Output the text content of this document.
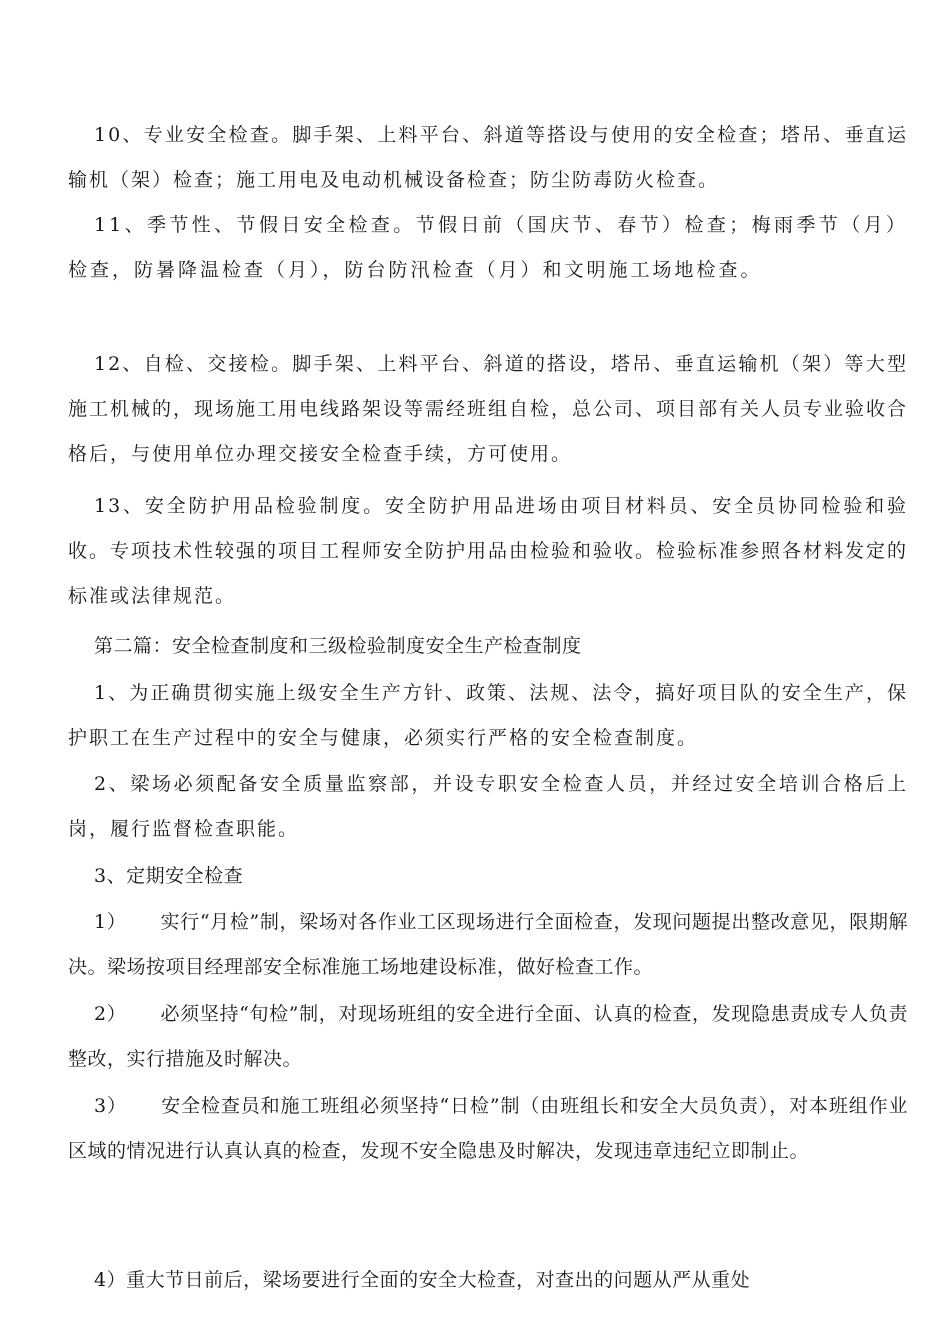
10、专业安全检查。脚手架、上料平台、斜道等搭设与使用的安全检查；塔吊、垂直运输机（架）检查；施工用电及电动机械设备检查；防尘防毒防火检查。

11、季节性、节假日安全检查。节假日前（国庆节、春节）检查；梅雨季节（月）检查，防暑降温检查（月），防台防汛检查（月）和文明施工场地检查。

12、自检、交接检。脚手架、上料平台、斜道的搭设，塔吊、垂直运输机（架）等大型施工机械的，现场施工用电线路架设等需经班组自检，总公司、项目部有关人员专业验收合格后，与使用单位办理交接安全检查手续，方可使用。

13、安全防护用品检验制度。安全防护用品进场由项目材料员、安全员协同检验和验收。专项技术性较强的项目工程师安全防护用品由检验和验收。检验标准参照各材料发定的标准或法律规范。

第二篇：安全检查制度和三级检验制度安全生产检查制度

1、为正确贯彻实施上级安全生产方针、政策、法规、法令，搞好项目队的安全生产，保护职工在生产过程中的安全与健康，必须实行严格的安全检查制度。

2、梁场必须配备安全质量监察部，并设专职安全检查人员，并经过安全培训合格后上岗，履行监督检查职能。

3、定期安全检查

1） 实行“月检”制，梁场对各作业工区现场进行全面检查，发现问题提出整改意见，限期解决。梁场按项目经理部安全标准施工场地建设标准，做好检查工作。

2） 必须坚持“旬检”制，对现场班组的安全进行全面、认真的检查，发现隐患责成专人负责整改，实行措施及时解决。

3） 安全检查员和施工班组必须坚持“日检”制（由班组长和安全大员负责），对本班组作业区域的情况进行认真认真的检查，发现不安全隐患及时解决，发现违章违纪立即制止。

4）重大节日前后，梁场要进行全面的安全大检查，对查出的问题从严从重处
